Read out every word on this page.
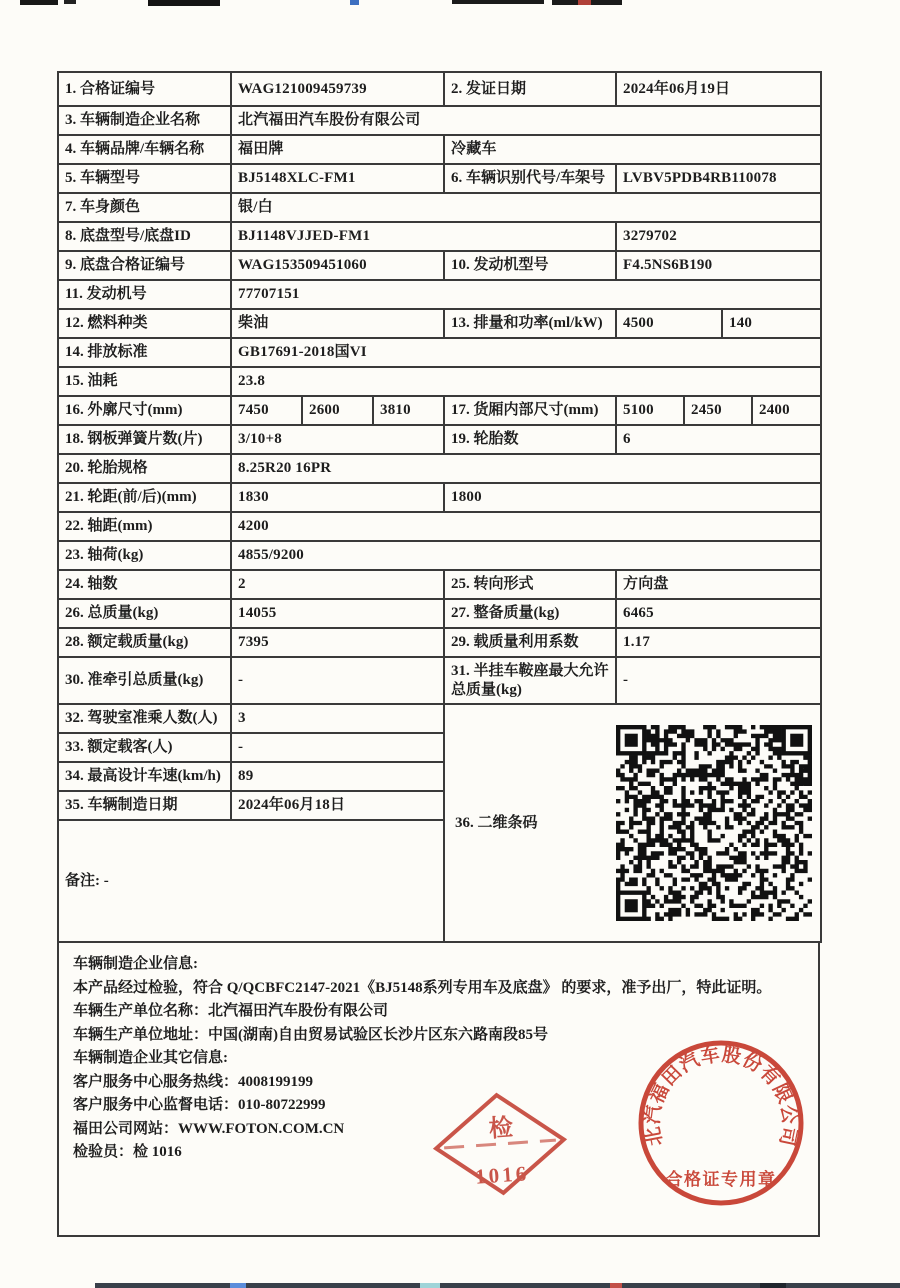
1. 合格证编号	WAG121009459739			2. 发证日期	2024年06月19日			
3. 车辆制造企业名称	北汽福田汽车股份有限公司							
4. 车辆品牌/车辆名称	福田牌			冷藏车				
5. 车辆型号	BJ5148XLC-FM1			6. 车辆识别代号/车架号	LVBV5PDB4RB110078			
7. 车身颜色	银/白							
8. 底盘型号/底盘ID	BJ1148VJJED-FM1				3279702			
9. 底盘合格证编号	WAG153509451060			10. 发动机型号	F4.5NS6B190			
11. 发动机号	77707151							
12. 燃料种类	柴油			13. 排量和功率(ml/kW)	4500		140	
14. 排放标准	GB17691-2018国VI							
15. 油耗	23.8							
16. 外廓尺寸(mm)	7450	2600	3810	17. 货厢内部尺寸(mm)	5100	2450		2400
18. 钢板弹簧片数(片)	3/10+8			19. 轮胎数	6			
20. 轮胎规格	8.25R20 16PR							
21. 轮距(前/后)(mm)	1830			1800				
22. 轴距(mm)	4200							
23. 轴荷(kg)	4855/9200							
24. 轴数	2			25. 转向形式	方向盘			
26. 总质量(kg)	14055			27. 整备质量(kg)	6465			
28. 额定载质量(kg)	7395			29. 载质量利用系数	1.17			
30. 准牵引总质量(kg)	-			31. 半挂车鞍座最大允许总质量(kg)	-			
32. 驾驶室准乘人数(人)	3			36. 二维条码				

33. 额定载客(人)	-							
34. 最高设计车速(km/h)	89							
35. 车辆制造日期	2024年06月18日							
备注: -								
车辆制造企业信息:
本产品经过检验，符合 Q/QCBFC2147-2021《BJ5148系列专用车及底盘》 的要求，准予出厂，特此证明。
车辆生产单位名称：北汽福田汽车股份有限公司
车辆生产单位地址：中国(湖南)自由贸易试验区长沙片区东六路南段85号
车辆制造企业其它信息:
客户服务中心服务热线：4008199199
客户服务中心监督电话：010-80722999
福田公司网站：WWW.FOTON.COM.CN
检验员：检 1016
北汽福田汽车股份有限公司
合格证专用章
检
1016
